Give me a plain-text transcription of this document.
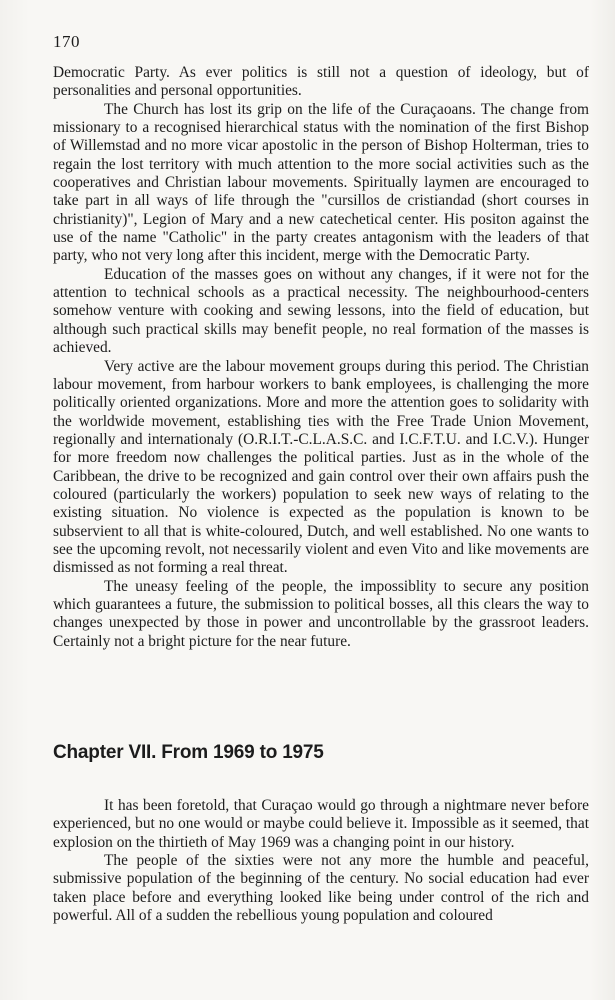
170

Democratic Party. As ever politics is still not a question of ideology, but of personalities and personal opportunities.

The Church has lost its grip on the life of the Curaçaoans. The change from missionary to a recognised hierarchical status with the nomination of the first Bishop of Willemstad and no more vicar apostolic in the person of Bishop Holterman, tries to regain the lost territory with much attention to the more social activities such as the cooperatives and Christian labour movements. Spiritually laymen are encouraged to take part in all ways of life through the "cursillos de cristiandad (short courses in christianity)", Legion of Mary and a new catechetical center. His positon against the use of the name "Catholic" in the party creates antagonism with the leaders of that party, who not very long after this incident, merge with the Democratic Party.

Education of the masses goes on without any changes, if it were not for the attention to technical schools as a practical necessity. The neighbourhood-centers somehow venture with cooking and sewing lessons, into the field of education, but although such practical skills may benefit people, no real formation of the masses is achieved.

Very active are the labour movement groups during this period. The Christian labour movement, from harbour workers to bank employees, is challenging the more politically oriented organizations. More and more the attention goes to solidarity with the worldwide movement, establishing ties with the Free Trade Union Movement, regionally and internationaly (O.R.I.T.-C.L.A.S.C. and I.C.F.T.U. and I.C.V.). Hunger for more freedom now challenges the political parties. Just as in the whole of the Caribbean, the drive to be recognized and gain control over their own affairs push the coloured (particularly the workers) population to seek new ways of relating to the existing situation. No violence is expected as the population is known to be subservient to all that is white-coloured, Dutch, and well established. No one wants to see the upcoming revolt, not necessarily violent and even Vito and like movements are dismissed as not forming a real threat.

The uneasy feeling of the people, the impossiblity to secure any position which guarantees a future, the submission to political bosses, all this clears the way to changes unexpected by those in power and uncontrollable by the grassroot leaders. Certainly not a bright picture for the near future.

Chapter VII. From 1969 to 1975

It has been foretold, that Curaçao would go through a nightmare never before experienced, but no one would or maybe could believe it. Impossible as it seemed, that explosion on the thirtieth of May 1969 was a changing point in our history.

The people of the sixties were not any more the humble and peaceful, submissive population of the beginning of the century. No social education had ever taken place before and everything looked like being under control of the rich and powerful. All of a sudden the rebellious young population and coloured
